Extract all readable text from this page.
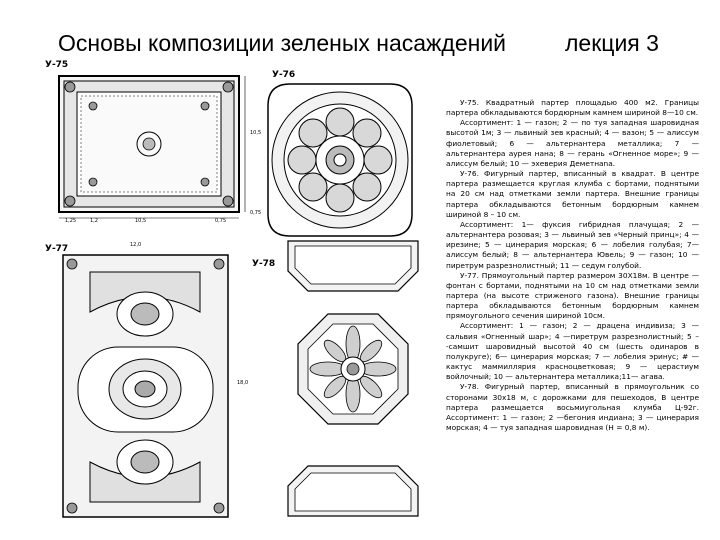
Основы композиции зеленых насаждений	лекция 3
У-75
У-76
У-77
У-78
1,25	1,2	10,5	0,75
10,5
0,75
18,0
12,0

У-75. Квадратный партер площадью 400 м2. Границы партера обкладываются бордюрным камнем шириной 8—10 см.

Ассортимент: 1 — газон; 2 — по туя западная шаровидная высотой 1м; 3 — львиный зев красный; 4 — вазон; 5 — алиссум фиолетовый; 6 — альтернантера металлика; 7 — альтернантера аурея нана; 8 — герань «Огненное море»; 9 — алиссум белый; 10 — эхеверия Деметнаnа.

У-76. Фигурный партер, вписанный в квадрат. В центре партера размещается круглая клумба с бортами, поднятыми на 20 см над отметками земли партера. Внешние границы партера обкладываются бетонным бордюрным камнем шириной 8 – 10 см.

Ассортимент: 1— фуксия гибридная плачущая; 2 — альтернантера розовая; 3 — львиный зев «Черный принц»; 4 — ирезине; 5 — цинерария морская; 6 — лобелия голубая; 7— алиссум белый; 8 — альтернантера Ювель; 9 — газон; 10 — пиретрум разрезнолистный; 11 — седум голубой.

У-77. Прямоугольный партер размером 30Х18м. В центре — фонтан с бортами, поднятыми на 10 см над отметками земли партера (на высоте стриженого газона). Внешние границы партера обкладываются бетонным бордюрным камнем прямоугольного сечения шириной 10см.

Ассортимент: 1 — газон; 2 — драцена индивиза; 3 — сальвия «Огненный шар»; 4 —пиретрум разрезнолистный; 5 – -самшит шаровидный высотой 40 см (шесть одинаров в полукруге); 6— цинерария морская; 7 — лобелия эринус; # — кактус маммиллярия красноцветковая; 9 — церастиум войлочный; 10 — альтернантера металлика;11— агава.

У-78. Фигурный партер, вписанный в прямоугольник со сторонами 30х18 м, с дорожками для пешеходов, В центре партера размещается восьмиугольная клумба Ц-92г. Ассортимент: 1 — газон; 2 —бегония индиана; 3 — цинерария морская; 4 — туя западная шаровидная (Н = 0,8 м).
